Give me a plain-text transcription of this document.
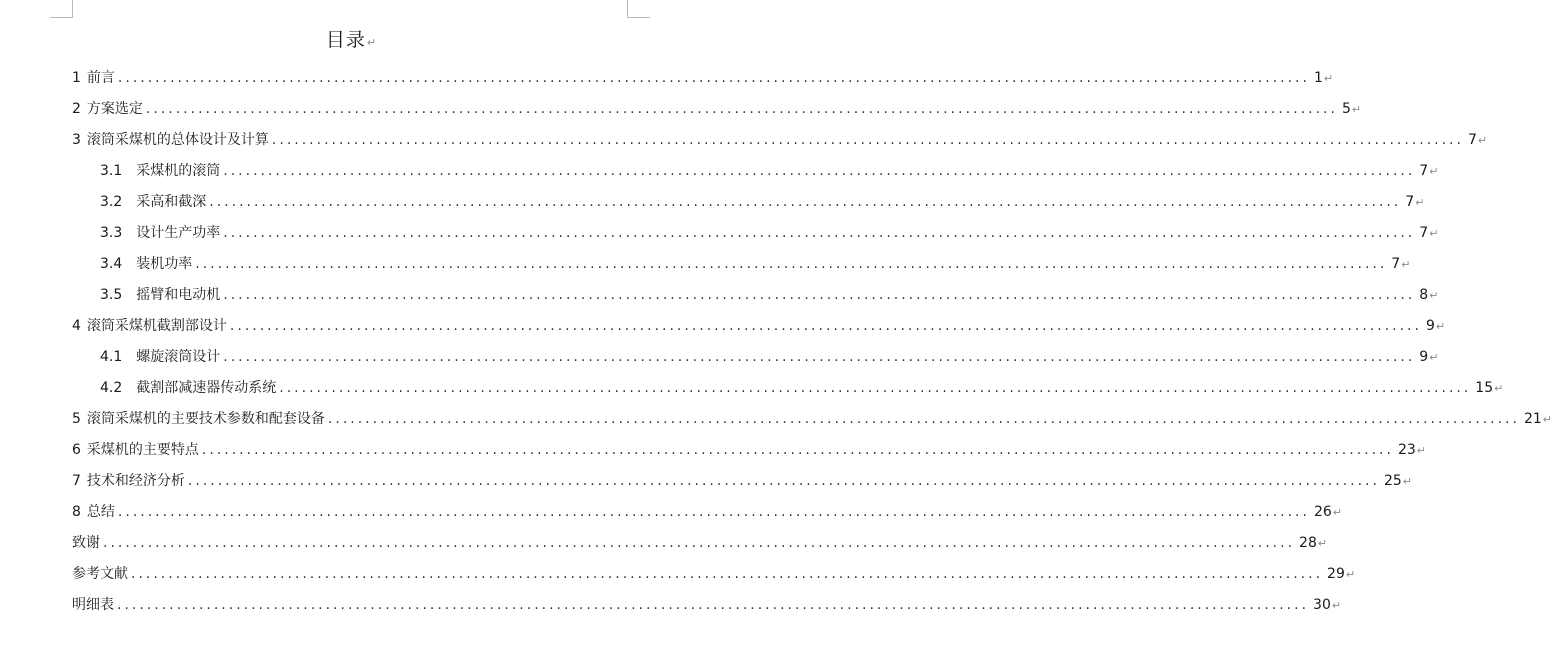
目录↵
1 前言 ................................................................................................................................................................ 1↵
2 方案选定 ................................................................................................................................................................ 5↵
3 滚筒采煤机的总体设计及计算 ................................................................................................................................................................ 7↵
3.1 采煤机的滚筒 ................................................................................................................................................................ 7↵
3.2 采高和截深 ................................................................................................................................................................ 7↵
3.3 设计生产功率 ................................................................................................................................................................ 7↵
3.4 装机功率 ................................................................................................................................................................ 7↵
3.5 摇臂和电动机 ................................................................................................................................................................ 8↵
4 滚筒采煤机截割部设计 ................................................................................................................................................................ 9↵
4.1 螺旋滚筒设计 ................................................................................................................................................................ 9↵
4.2 截割部减速器传动系统 ................................................................................................................................................................ 15↵
5 滚筒采煤机的主要技术参数和配套设备 ................................................................................................................................................................ 21↵
6 采煤机的主要特点 ................................................................................................................................................................ 23↵
7 技术和经济分析 ................................................................................................................................................................ 25↵
8 总结 ................................................................................................................................................................ 26↵
致谢 ................................................................................................................................................................ 28↵
参考文献 ................................................................................................................................................................ 29↵
明细表 ................................................................................................................................................................ 30↵
